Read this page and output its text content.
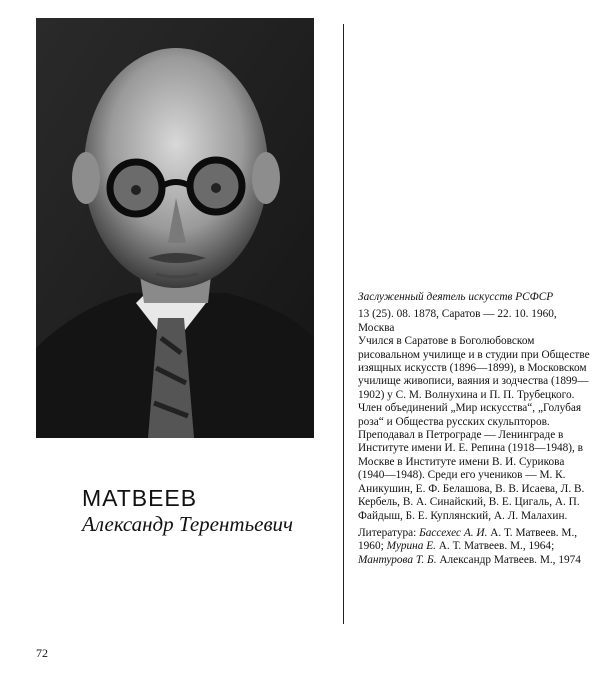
МАТВЕЕВ

Александр Терентьевич

Заслуженный деятель искусств РСФСР

13 (25). 08. 1878, Саратов — 22. 10. 1960, Москва

Учился в Саратове в Боголюбовском рисовальном училище и в студии при Обществе изящных искусств (1896—1899), в Московском училище живописи, ваяния и зодчества (1899—1902) у С. М. Волнухина и П. П. Трубецкого. Член объединений „Мир искусства“, „Голубая роза“ и Общества русских скульпторов. Преподавал в Петрограде — Ленинграде в Институте имени И. Е. Репина (1918—1948), в Москве в Институте имени В. И. Сурикова (1940—1948). Среди его учеников — М. К. Аникушин, Е. Ф. Белашова, В. В. Исаева, Л. В. Кербель, В. А. Синайский, В. Е. Цигаль, А. П. Файдыш, Б. Е. Куплянский, А. Л. Малахин.

Литература: Бассехес А. И. А. Т. Матвеев. М., 1960; Мурина Е. А. Т. Матвеев. М., 1964; Мантурова Т. Б. Александр Матвеев. М., 1974

72
